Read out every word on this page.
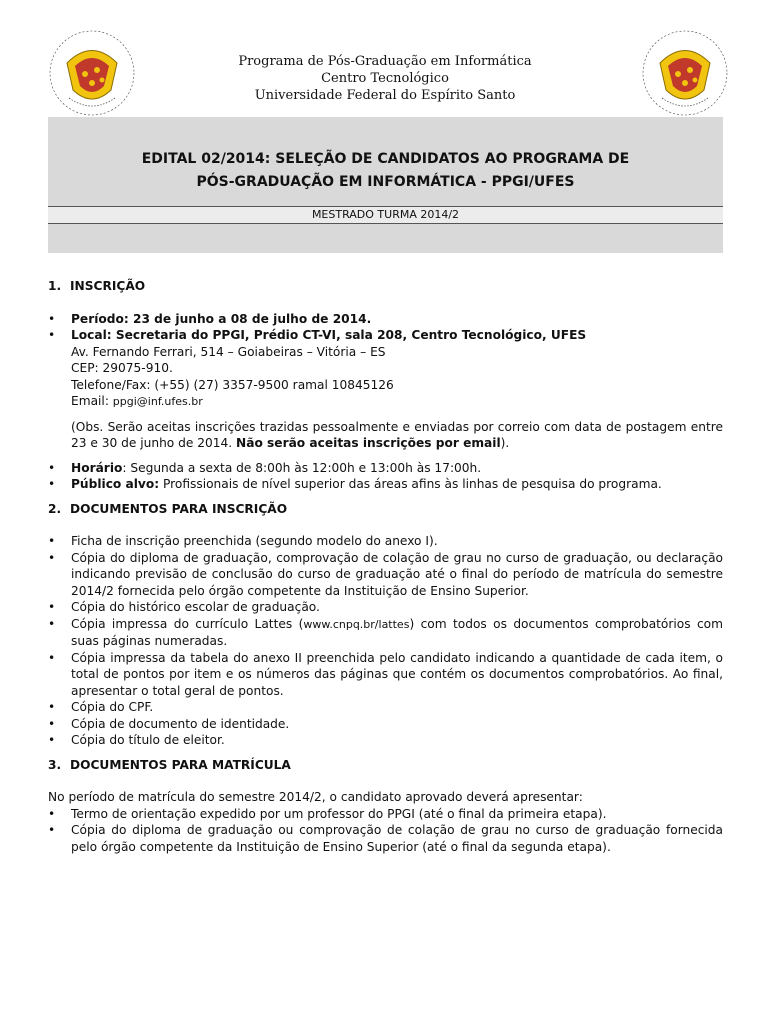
Programa de Pós-Graduação em Informática
Centro Tecnológico
Universidade Federal do Espírito Santo
EDITAL 02/2014: SELEÇÃO DE CANDIDATOS AO PROGRAMA DE
PÓS-GRADUAÇÃO EM INFORMÁTICA - PPGI/UFES
MESTRADO TURMA 2014/2

1. INSCRIÇÃO

• Período: 23 de junho a 08 de julho de 2014.
• Local: Secretaria do PPGI, Prédio CT-VI, sala 208, Centro Tecnológico, UFES
Av. Fernando Ferrari, 514 – Goiabeiras – Vitória – ES
CEP: 29075-910.
Telefone/Fax: (+55) (27) 3357-9500 ramal 10845126
Email: ppgi@inf.ufes.br

(Obs. Serão aceitas inscrições trazidas pessoalmente e enviadas por correio com data de postagem entre 23 e 30 de junho de 2014. Não serão aceitas inscrições por email).

• Horário: Segunda a sexta de 8:00h às 12:00h e 13:00h às 17:00h.
• Público alvo: Profissionais de nível superior das áreas afins às linhas de pesquisa do programa.

2. DOCUMENTOS PARA INSCRIÇÃO

• Ficha de inscrição preenchida (segundo modelo do anexo I).
• Cópia do diploma de graduação, comprovação de colação de grau no curso de graduação, ou declaração indicando previsão de conclusão do curso de graduação até o final do período de matrícula do semestre 2014/2 fornecida pelo órgão competente da Instituição de Ensino Superior.
• Cópia do histórico escolar de graduação.
• Cópia impressa do currículo Lattes (www.cnpq.br/lattes) com todos os documentos comprobatórios com suas páginas numeradas.
• Cópia impressa da tabela do anexo II preenchida pelo candidato indicando a quantidade de cada item, o total de pontos por item e os números das páginas que contém os documentos comprobatórios. Ao final, apresentar o total geral de pontos.
• Cópia do CPF.
• Cópia de documento de identidade.
• Cópia do título de eleitor.

3. DOCUMENTOS PARA MATRÍCULA

No período de matrícula do semestre 2014/2, o candidato aprovado deverá apresentar:

• Termo de orientação expedido por um professor do PPGI (até o final da primeira etapa).
• Cópia do diploma de graduação ou comprovação de colação de grau no curso de graduação fornecida pelo órgão competente da Instituição de Ensino Superior (até o final da segunda etapa).
